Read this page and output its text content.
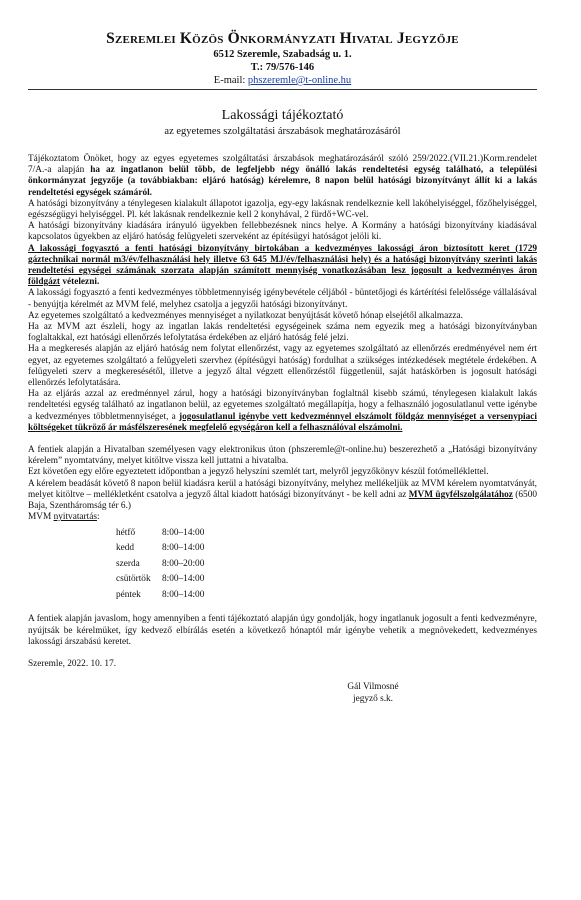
Szeremlei Közös Önkormányzati Hivatal Jegyzője
6512 Szeremle, Szabadság u. 1.
T.: 79/576-146
E-mail: phszeremle@t-online.hu
Lakossági tájékoztató
az egyetemes szolgáltatási árszabások meghatározásáról

Tájékoztatom Önöket, hogy az egyes egyetemes szolgáltatási árszabások meghatározásáról szóló 259/2022.(VII.21.)Korm.rendelet 7/A.-a alapján ha az ingatlanon belül több, de legfeljebb négy önálló lakás rendeltetési egység található, a települési önkormányzat jegyzője (a továbbiakban: eljáró hatóság) kérelemre, 8 napon belül hatósági bizonyítványt állít ki a lakás rendeltetési egységek számáról.

A hatósági bizonyítvány a ténylegesen kialakult állapotot igazolja, egy-egy lakásnak rendelkeznie kell lakóhelyiséggel, főzőhelyiséggel, egészségügyi helyiséggel. Pl. két lakásnak rendelkeznie kell 2 konyhával, 2 fürdő+WC-vel.

A hatósági bizonyítvány kiadására irányuló ügyekben fellebbezésnek nincs helye. A Kormány a hatósági bizonyítvány kiadásával kapcsolatos ügyekben az eljáró hatóság felügyeleti szerveként az építésügyi hatóságot jelöli ki.

A lakossági fogyasztó a fenti hatósági bizonyítvány birtokában a kedvezményes lakossági áron biztosított keret (1729 gáztechnikai normál m3/év/felhasználási hely illetve 63 645 MJ/év/felhasználási hely) és a hatósági bizonyítvány szerinti lakás rendeltetési egységei számának szorzata alapján számított mennyiség vonatkozásában lesz jogosult a kedvezményes áron földgázt vételezni.

A lakossági fogyasztó a fenti kedvezményes többletmennyiség igénybevétele céljából - büntetőjogi és kártérítési felelőssége vállalásával - benyújtja kérelmét az MVM felé, melyhez csatolja a jegyzői hatósági bizonyítványt.

Az egyetemes szolgáltató a kedvezményes mennyiséget a nyilatkozat benyújtását követő hónap elsejétől alkalmazza.

Ha az MVM azt észleli, hogy az ingatlan lakás rendeltetési egységeinek száma nem egyezik meg a hatósági bizonyítványban foglaltakkal, ezt hatósági ellenőrzés lefolytatása érdekében az eljáró hatóság felé jelzi.

Ha a megkeresés alapján az eljáró hatóság nem folytat ellenőrzést, vagy az egyetemes szolgáltató az ellenőrzés eredményével nem ért egyet, az egyetemes szolgáltató a felügyeleti szervhez (építésügyi hatóság) fordulhat a szükséges intézkedések megtétele érdekében. A felügyeleti szerv a megkeresésétől, illetve a jegyző által végzett ellenőrzéstől függetlenül, saját hatáskörben is jogosult hatósági ellenőrzés lefolytatására.

Ha az eljárás azzal az eredménnyel zárul, hogy a hatósági bizonyítványban foglaltnál kisebb számú, ténylegesen kialakult lakás rendeltetési egység található az ingatlanon belül, az egyetemes szolgáltató megállapítja, hogy a felhasználó jogosulatlanul vette igénybe a kedvezményes többletmennyiséget, a jogosulatlanul igénybe vett kedvezménnyel elszámolt földgáz mennyiséget a versenypiaci költségeket tükröző ár másfélszeresének megfelelő egységáron kell a felhasználóval elszámolni.

A fentiek alapján a Hivatalban személyesen vagy elektronikus úton (phszeremle@t-online.hu) beszerezhető a „Hatósági bizonyítvány kérelem” nyomtatvány, melyet kitöltve vissza kell juttatni a hivatalba.

Ezt követően egy előre egyeztetett időpontban a jegyző helyszíni szemlét tart, melyről jegyzőkönyv készül fotómelléklettel.

A kérelem beadását követő 8 napon belül kiadásra kerül a hatósági bizonyítvány, melyhez mellékeljük az MVM kérelem nyomtatványát, melyet kitöltve – mellékletként csatolva a jegyző által kiadott hatósági bizonyítványt - be kell adni az MVM ügyfélszolgálatához (6500 Baja, Szentháromság tér 6.)

MVM nyitvatartás:

hétfő	8:00–14:00
kedd	8:00–14:00
szerda	8:00–20:00
csütörtök	8:00–14:00
péntek	8:00–14:00

A fentiek alapján javaslom, hogy amennyiben a fenti tájékoztató alapján úgy gondolják, hogy ingatlanuk jogosult a fenti kedvezményre, nyújtsák be kérelmüket, így kedvező elbírálás esetén a következő hónaptól már igénybe vehetik a megnövekedett, kedvezményes lakossági árszabású keretet.

Szeremle, 2022. 10. 17.

Gál Vilmosné
jegyző s.k.
